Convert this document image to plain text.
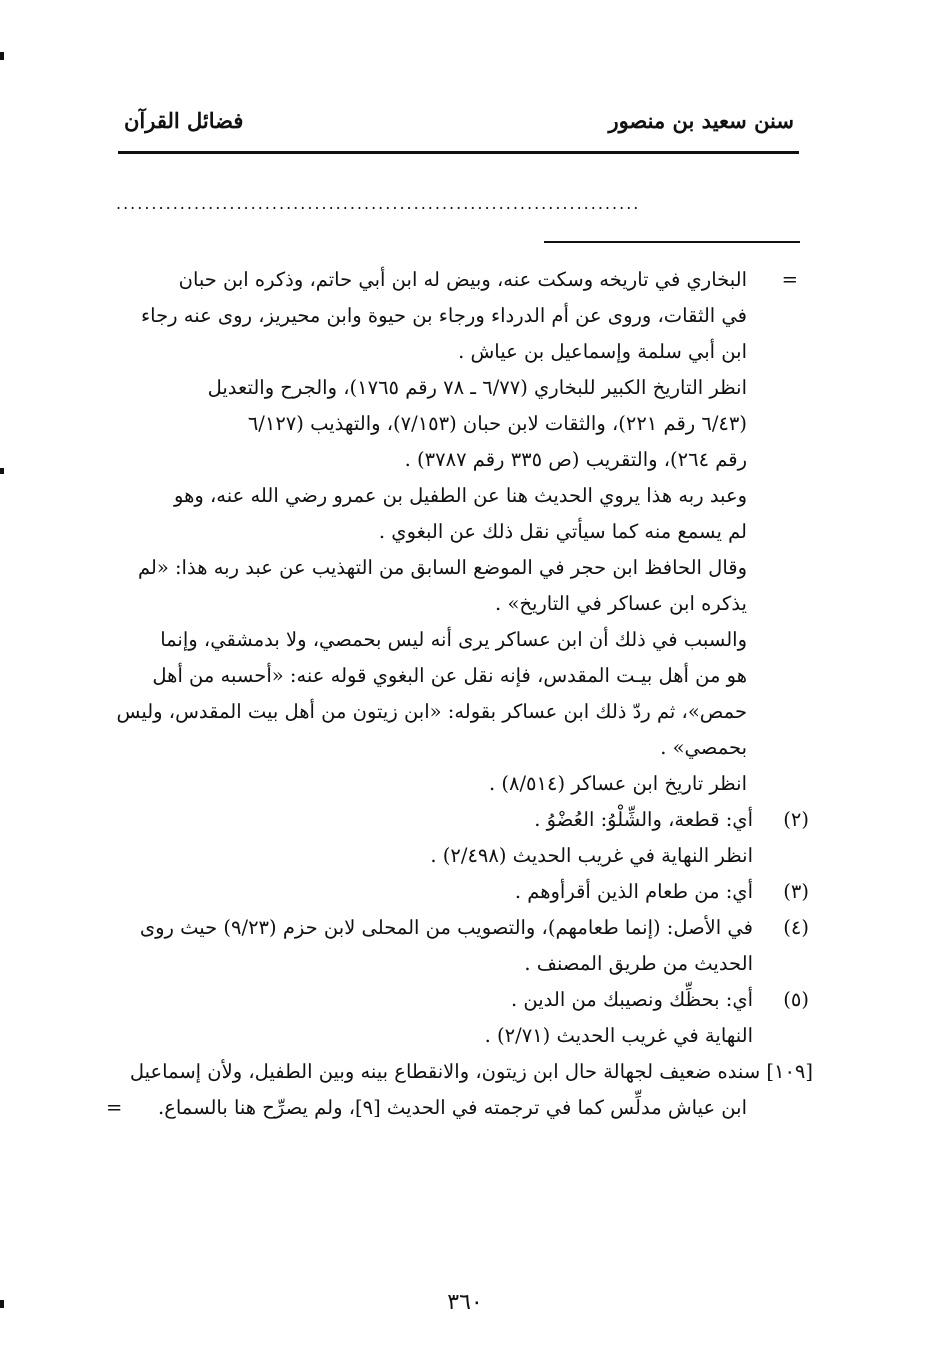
سنن سعيد بن منصور
فضائل القرآن
..........................................................................
=
البخاري في تاريخه وسكت عنه، وبيض له ابن أبي حاتم، وذكره ابن حبان
في الثقات، وروى عن أم الدرداء ورجاء بن حيوة وابن محيريز، روى عنه رجاء
ابن أبي سلمة وإسماعيل بن عياش .
انظر التاريخ الكبير للبخاري (٦/٧٧ ـ ٧٨ رقم ١٧٦٥)، والجرح والتعديل
(٦/٤٣ رقم ٢٢١)، والثقات لابن حبان (٧/١٥٣)، والتهذيب (٦/١٢٧
رقم ٢٦٤)، والتقريب (ص ٣٣٥ رقم ٣٧٨٧) .
وعبد ربه هذا يروي الحديث هنا عن الطفيل بن عمرو رضي الله عنه، وهو
لم يسمع منه كما سيأتي نقل ذلك عن البغوي .
وقال الحافظ ابن حجر في الموضع السابق من التهذيب عن عبد ربه هذا: «لم
يذكره ابن عساكر في التاريخ» .
والسبب في ذلك أن ابن عساكر يرى أنه ليس بحمصي، ولا بدمشقي، وإنما
هو من أهل بيـت المقدس، فإنه نقل عن البغوي قوله عنه: «أحسبه من أهل
حمص»، ثم ردّ ذلك ابن عساكر بقوله: «ابن زيتون من أهل بيت المقدس، وليس
بحمصي» .
انظر تاريخ ابن عساكر (٨/٥١٤) .
(٢)
أي: قطعة، والشِّلْوُ: العُضْوُ .
انظر النهاية في غريب الحديث (٢/٤٩٨) .
(٣)
أي: من طعام الذين أقرأوهم .
(٤)
في الأصل: (إنما طعامهم)، والتصويب من المحلى لابن حزم (٩/٢٣) حيث روى
الحديث من طريق المصنف .
(٥)
أي: بحظِّك ونصيبك من الدين .
النهاية في غريب الحديث (٢/٧١) .
[١٠٩] سنده ضعيف لجهالة حال ابن زيتون، والانقطاع بينه وبين الطفيل، ولأن إسماعيل
ابن عياش مدلِّس كما في ترجمته في الحديث [٩]، ولم يصرِّح هنا بالسماع.
=
٣٦٠
